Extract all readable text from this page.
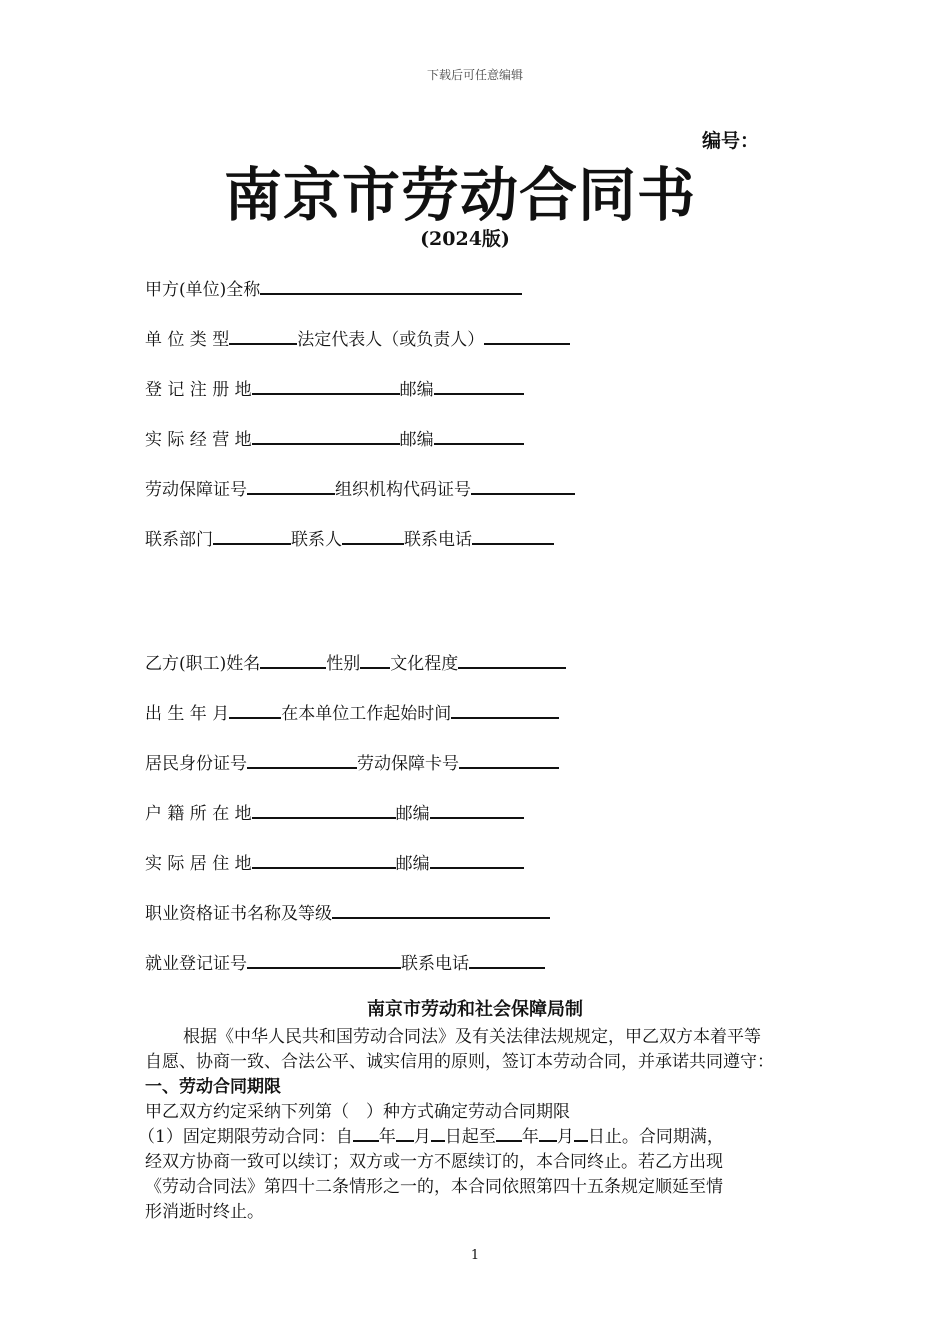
下载后可任意编辑
编号：
南京市劳动合同书
(2024版)
甲方(单位)全称
单 位 类 型	法定代表人（或负责人）
登 记 注 册 地	邮编
实 际 经 营 地	邮编
劳动保障证号	组织机构代码证号
联系部门	联系人	联系电话
乙方(职工)姓名	性别 文化程度
出 生 年 月	在本单位工作起始时间
居民身份证号	劳动保障卡号
户 籍 所 在 地	邮编
实 际 居 住 地	邮编
职业资格证书名称及等级
就业登记证号	联系电话
南京市劳动和社会保障局制
根据《中华人民共和国劳动合同法》及有关法律法规规定，甲乙双方本着平等
自愿、协商一致、合法公平、诚实信用的原则，签订本劳动合同，并承诺共同遵守：
一、劳动合同期限
甲乙双方约定采纳下列第（　）种方式确定劳动合同期限
（1）固定期限劳动合同：自 年 月 日起至 年 月 日止。合同期满，
经双方协商一致可以续订；双方或一方不愿续订的，本合同终止。若乙方出现
《劳动合同法》第四十二条情形之一的，本合同依照第四十五条规定顺延至情
形消逝时终止。
1
